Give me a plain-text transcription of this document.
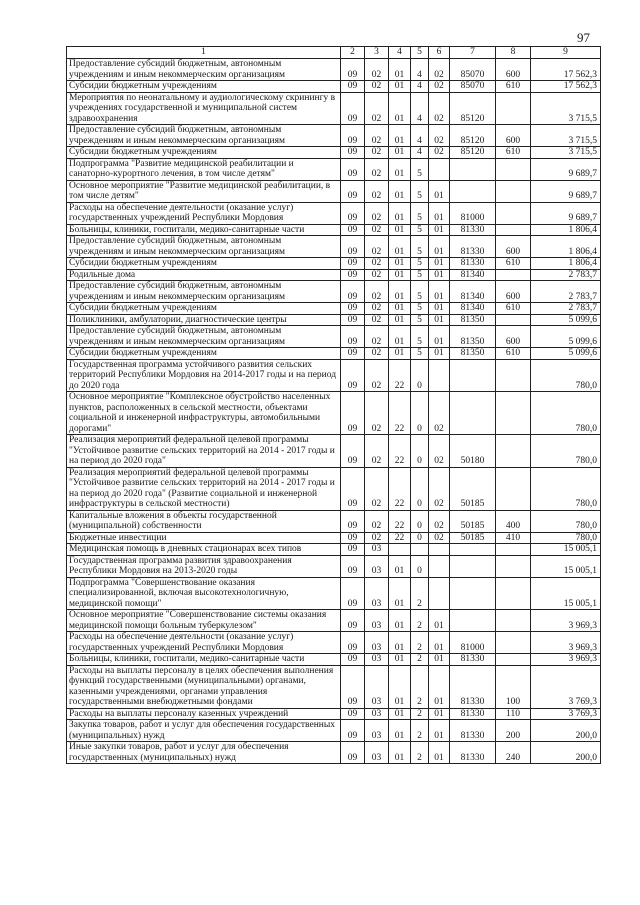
97
1	2	3	4	5	6	7	8	9
Предоставление субсидий бюджетным, автономным учреждениям и иным некоммерческим организациям	09	02	01	4	02	85070	600	17 562,3
Субсидии бюджетным учреждениям	09	02	01	4	02	85070	610	17 562,3
Мероприятия по неонатальному и аудиологическому скринингу в учреждениях государственной и муниципальной систем здравоохранения	09	02	01	4	02	85120		3 715,5
Предоставление субсидий бюджетным, автономным учреждениям и иным некоммерческим организациям	09	02	01	4	02	85120	600	3 715,5
Субсидии бюджетным учреждениям	09	02	01	4	02	85120	610	3 715,5
Подпрограмма "Развитие медицинской реабилитации и санаторно-курортного лечения, в том числе детям"	09	02	01	5				9 689,7
Основное мероприятие "Развитие медицинской реабилитации, в том числе детям"	09	02	01	5	01			9 689,7
Расходы на обеспечение деятельности (оказание услуг) государственных учреждений Республики Мордовия	09	02	01	5	01	81000		9 689,7
Больницы, клиники, госпитали, медико-санитарные части	09	02	01	5	01	81330		1 806,4
Предоставление субсидий бюджетным, автономным учреждениям и иным некоммерческим организациям	09	02	01	5	01	81330	600	1 806,4
Субсидии бюджетным учреждениям	09	02	01	5	01	81330	610	1 806,4
Родильные дома	09	02	01	5	01	81340		2 783,7
Предоставление субсидий бюджетным, автономным учреждениям и иным некоммерческим организациям	09	02	01	5	01	81340	600	2 783,7
Субсидии бюджетным учреждениям	09	02	01	5	01	81340	610	2 783,7
Поликлиники, амбулатории, диагностические центры	09	02	01	5	01	81350		5 099,6
Предоставление субсидий бюджетным, автономным учреждениям и иным некоммерческим организациям	09	02	01	5	01	81350	600	5 099,6
Субсидии бюджетным учреждениям	09	02	01	5	01	81350	610	5 099,6
Государственная программа устойчивого развития сельских территорий Республики Мордовия на 2014-2017 годы и на период до 2020 года	09	02	22	0				780,0
Основное мероприятие "Комплексное обустройство населенных пунктов, расположенных в сельской местности, объектами социальной и инженерной инфраструктуры, автомобильными дорогами"	09	02	22	0	02			780,0
Реализация мероприятий федеральной целевой программы "Устойчивое развитие сельских территорий на 2014 - 2017 годы и на период до 2020 года"	09	02	22	0	02	50180		780,0
Реализация мероприятий федеральной целевой программы "Устойчивое развитие сельских территорий на 2014 - 2017 годы и на период до 2020 года" (Развитие социальной и инженерной инфраструктуры в сельской местности)	09	02	22	0	02	50185		780,0
Капитальные вложения в объекты государственной (муниципальной) собственности	09	02	22	0	02	50185	400	780,0
Бюджетные инвестиции	09	02	22	0	02	50185	410	780,0
Медицинская помощь в дневных стационарах всех типов	09	03						15 005,1
Государственная программа развития здравоохранения Республики Мордовия на 2013-2020 годы	09	03	01	0				15 005,1
Подпрограмма "Совершенствование оказания специализированной, включая высокотехнологичную, медицинской помощи"	09	03	01	2				15 005,1
Основное мероприятие "Совершенствование системы оказания медицинской помощи больным туберкулезом"	09	03	01	2	01			3 969,3
Расходы на обеспечение деятельности (оказание услуг) государственных учреждений Республики Мордовия	09	03	01	2	01	81000		3 969,3
Больницы, клиники, госпитали, медико-санитарные части	09	03	01	2	01	81330		3 969,3
Расходы на выплаты персоналу в целях обеспечения выполнения функций государственными (муниципальными) органами, казенными учреждениями, органами управления государственными внебюджетными фондами	09	03	01	2	01	81330	100	3 769,3
Расходы на выплаты персоналу казенных учреждений	09	03	01	2	01	81330	110	3 769,3
Закупка товаров, работ и услуг для обеспечения государственных (муниципальных) нужд	09	03	01	2	01	81330	200	200,0
Иные закупки товаров, работ и услуг для обеспечения государственных (муниципальных) нужд	09	03	01	2	01	81330	240	200,0
